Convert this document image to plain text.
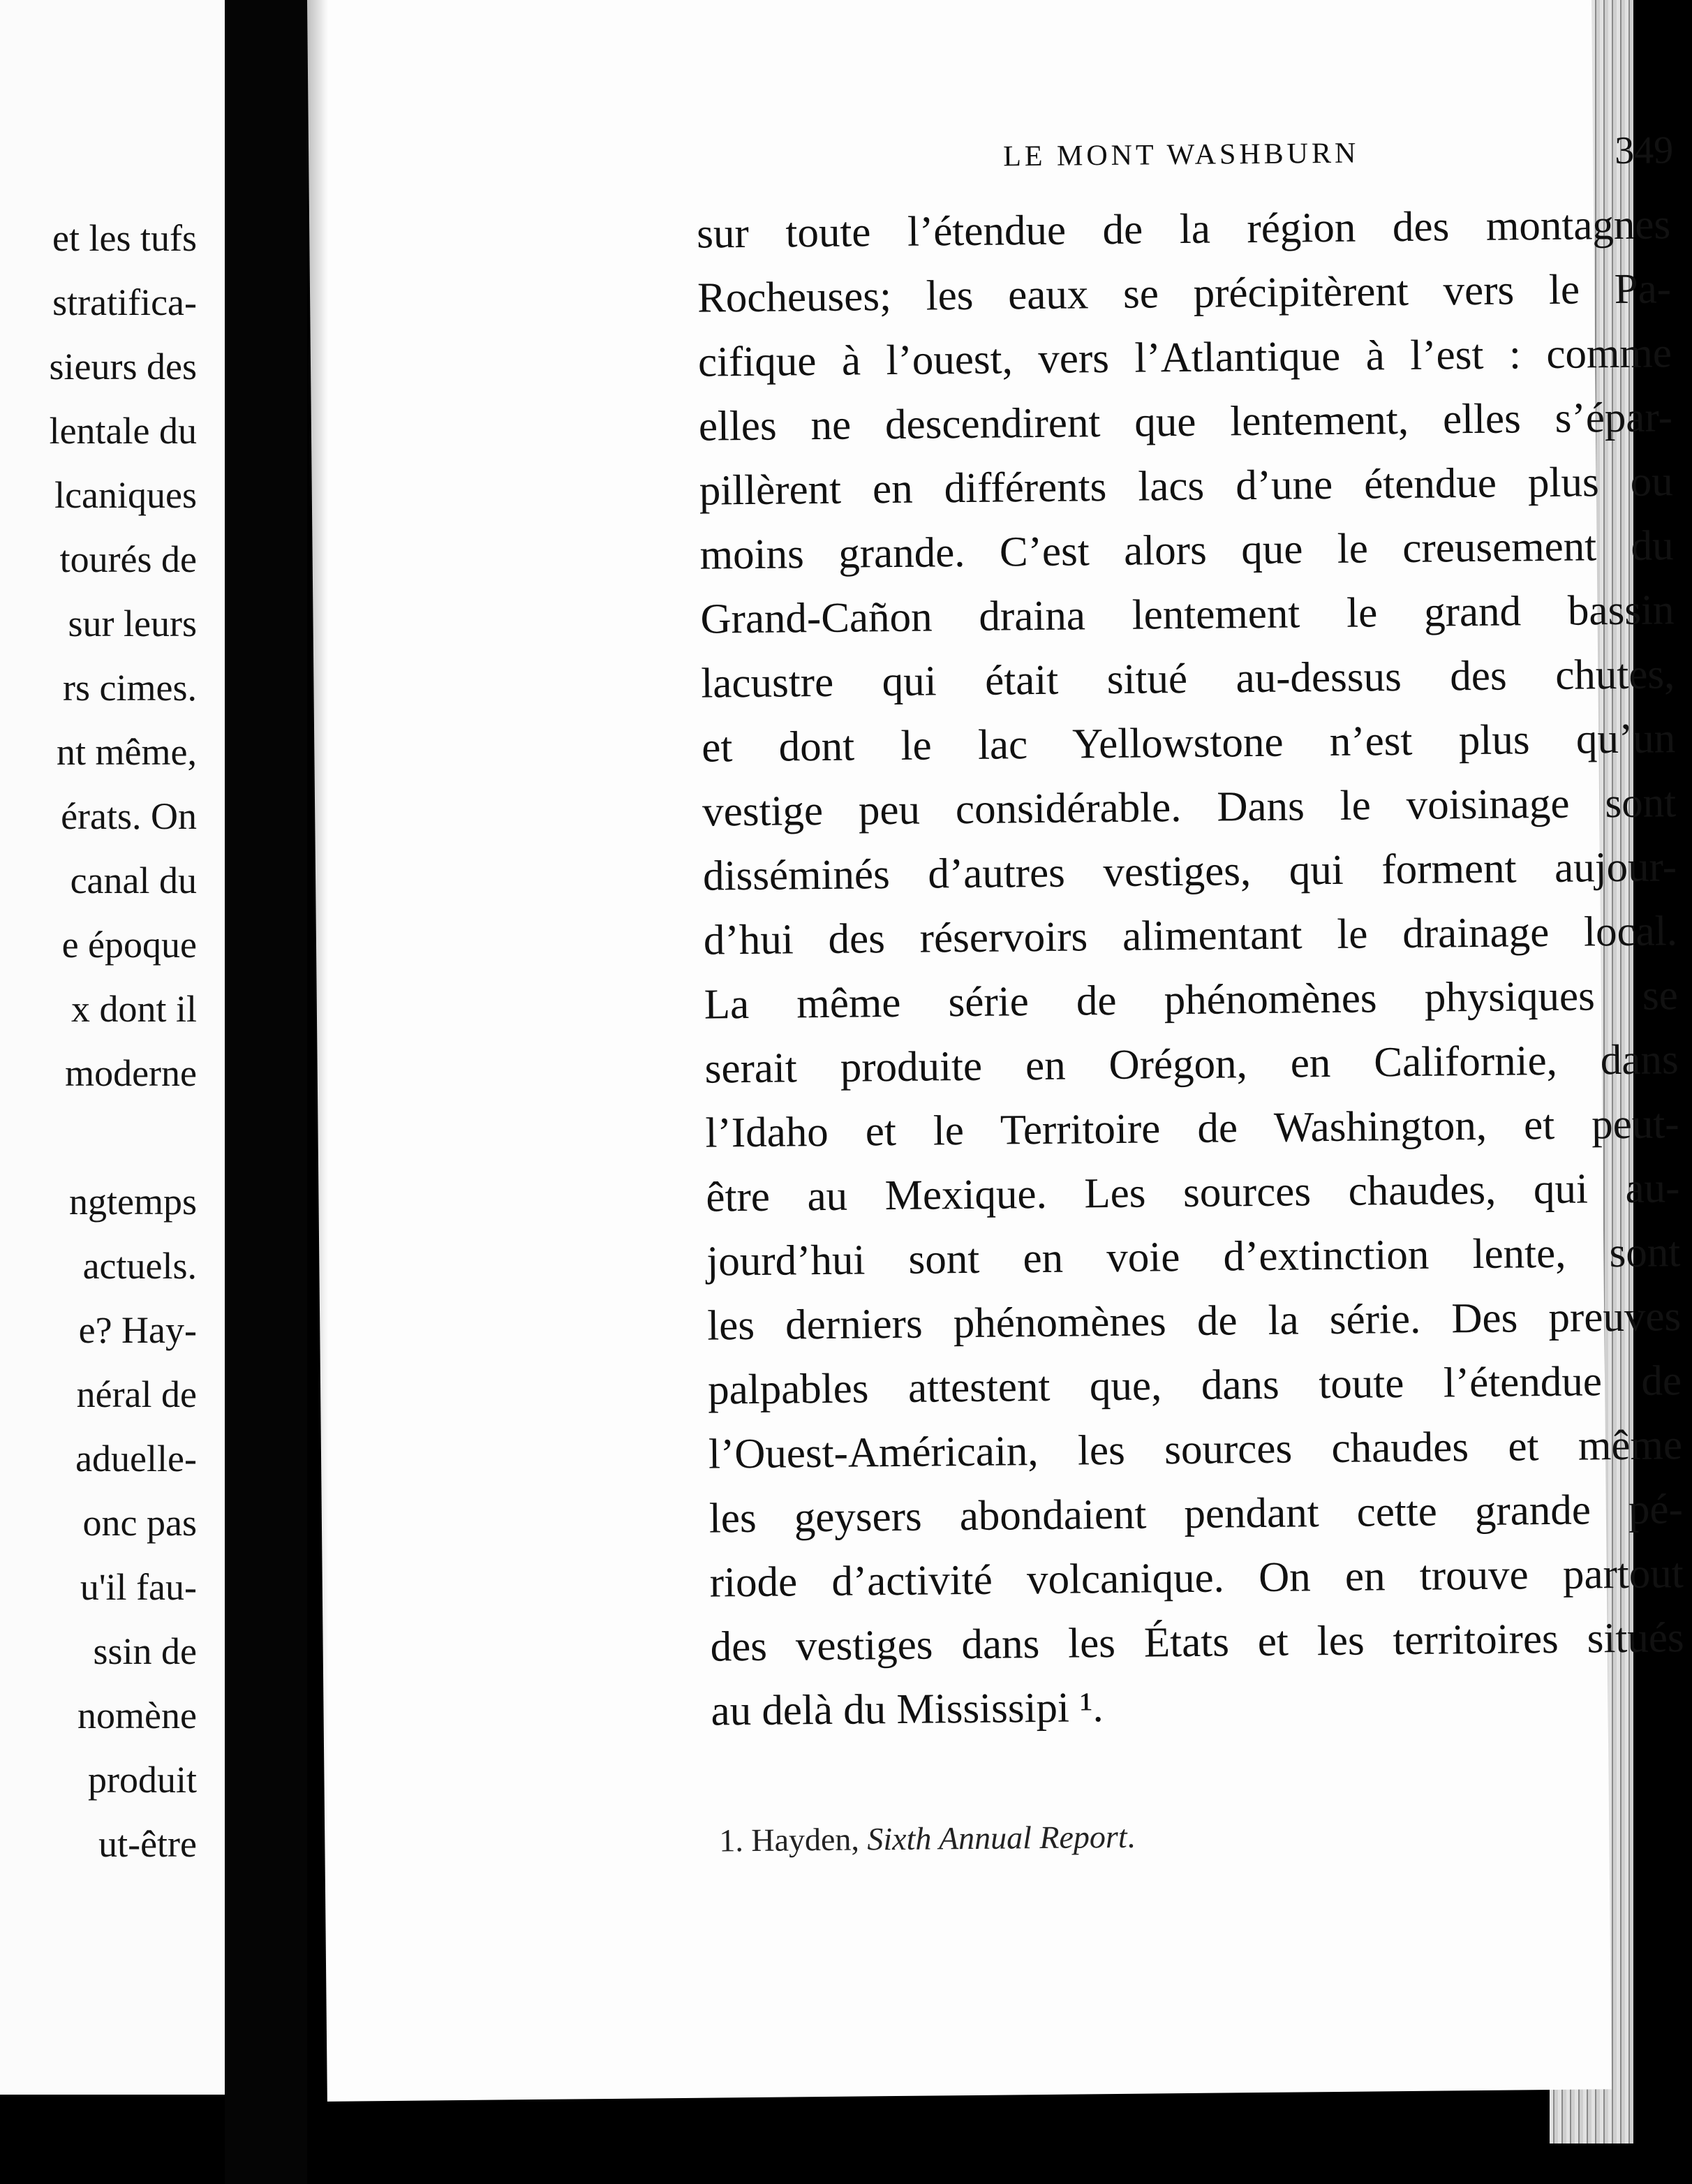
et les tufs
stratifica-
sieurs des
lentale du
lcaniques
tourés de
sur leurs
rs cimes.
nt même,
érats. On
canal du
e époque
x dont il
moderne

ngtemps
actuels.
e? Hay-
néral de
aduelle-
onc pas
u'il fau-
ssin de
nomène
produit
ut-être
LE MONT WASHBURN	349
sur toute l’étendue de la région des montagnes
Rocheuses; les eaux se précipitèrent vers le Pa-
cifique à l’ouest, vers l’Atlantique à l’est : comme
elles ne descendirent que lentement, elles s’épar-
pillèrent en différents lacs d’une étendue plus ou
moins grande. C’est alors que le creusement du
Grand-Cañon draina lentement le grand bassin
lacustre qui était situé au-dessus des chutes,
et dont le lac Yellowstone n’est plus qu’un
vestige peu considérable. Dans le voisinage sont
disséminés d’autres vestiges, qui forment aujour-
d’hui des réservoirs alimentant le drainage local.
La même série de phénomènes physiques se
serait produite en Orégon, en Californie, dans
l’Idaho et le Territoire de Washington, et peut-
être au Mexique. Les sources chaudes, qui au-
jourd’hui sont en voie d’extinction lente, sont
les derniers phénomènes de la série. Des preuves
palpables attestent que, dans toute l’étendue de
l’Ouest-Américain, les sources chaudes et même
les geysers abondaient pendant cette grande pé-
riode d’activité volcanique. On en trouve partout
des vestiges dans les États et les territoires situés
au delà du Mississipi ¹.
1. Hayden, Sixth Annual Report.
